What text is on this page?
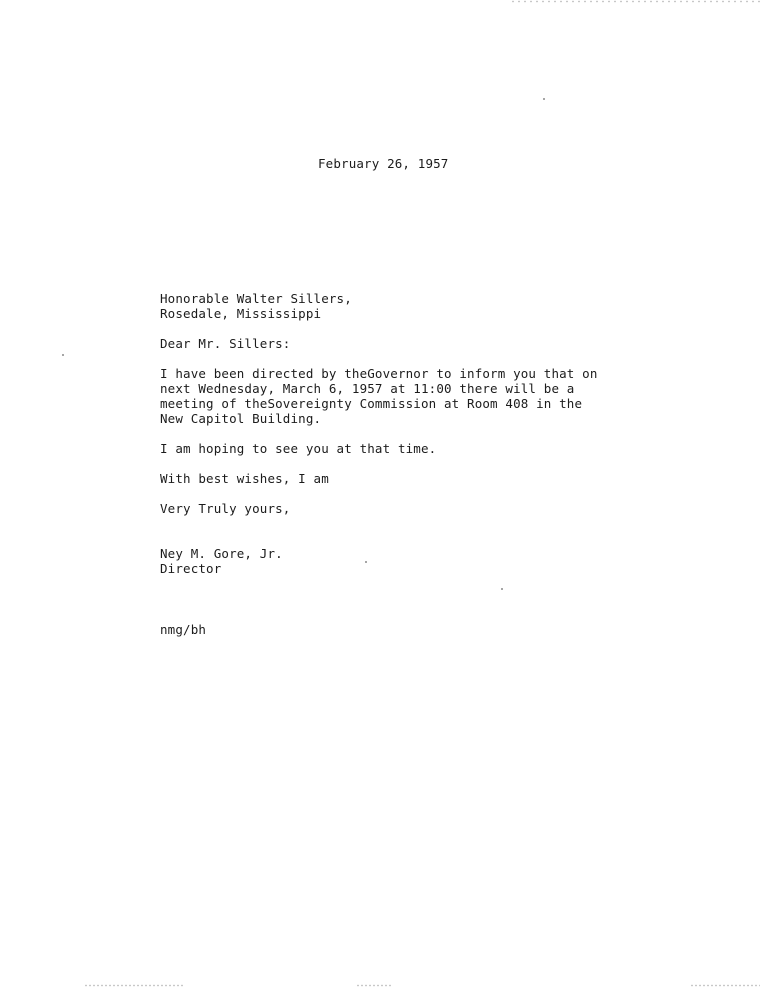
February 26, 1957
Honorable Walter Sillers,
Rosedale, Mississippi
Dear Mr. Sillers:
I have been directed by theGovernor to inform you that on
next Wednesday, March 6, 1957 at 11:00 there will be a
meeting of theSovereignty Commission at Room 408 in the
New Capitol Building.
I am hoping to see you at that time.
With best wishes, I am
Very Truly yours,
Ney M. Gore, Jr.
Director
nmg/bh
